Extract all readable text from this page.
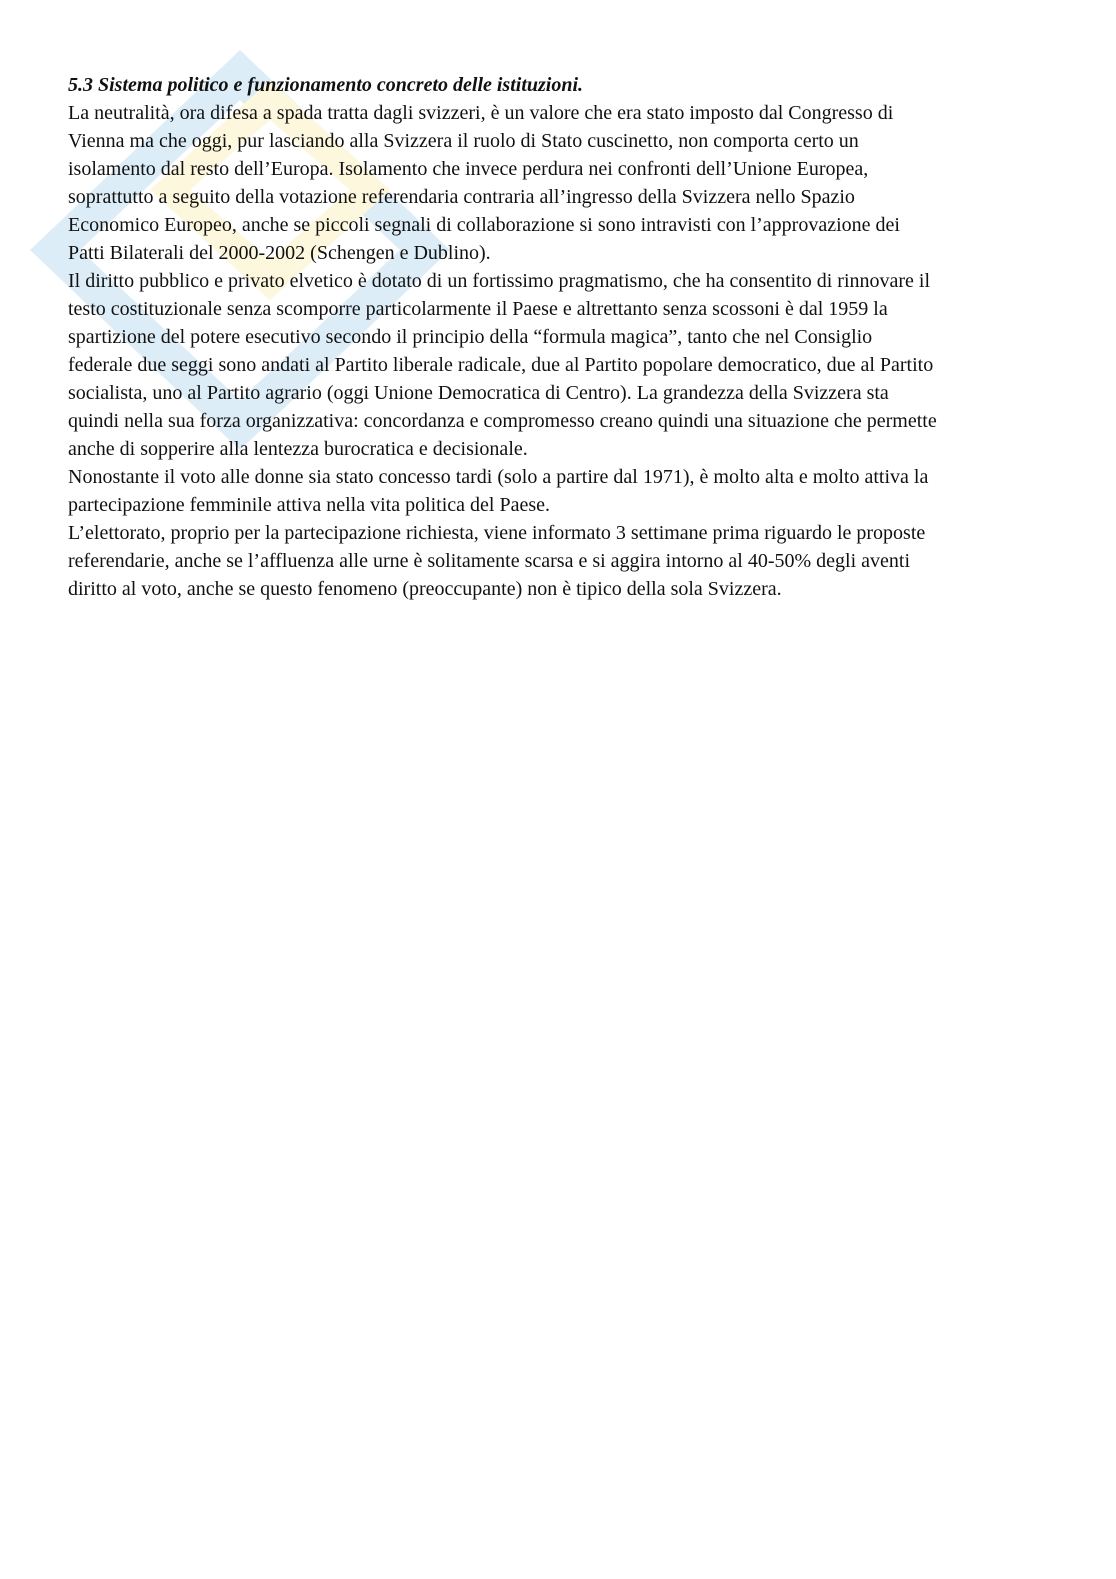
5.3 Sistema politico e funzionamento concreto delle istituzioni.

La neutralità, ora difesa a spada tratta dagli svizzeri, è un valore che era stato imposto dal Congresso di
Vienna ma che oggi, pur lasciando alla Svizzera il ruolo di Stato cuscinetto, non comporta certo un
isolamento dal resto dell’Europa. Isolamento che invece perdura nei confronti dell’Unione Europea,
soprattutto a seguito della votazione referendaria contraria all’ingresso della Svizzera nello Spazio
Economico Europeo, anche se piccoli segnali di collaborazione si sono intravisti con l’approvazione dei
Patti Bilaterali del 2000-2002 (Schengen e Dublino).

Il diritto pubblico e privato elvetico è dotato di un fortissimo pragmatismo, che ha consentito di rinnovare il
testo costituzionale senza scomporre particolarmente il Paese e altrettanto senza scossoni è dal 1959 la
spartizione del potere esecutivo secondo il principio della “formula magica”, tanto che nel Consiglio
federale due seggi sono andati al Partito liberale radicale, due al Partito popolare democratico, due al Partito
socialista, uno al Partito agrario (oggi Unione Democratica di Centro). La grandezza della Svizzera sta
quindi nella sua forza organizzativa: concordanza e compromesso creano quindi una situazione che permette
anche di sopperire alla lentezza burocratica e decisionale.

Nonostante il voto alle donne sia stato concesso tardi (solo a partire dal 1971), è molto alta e molto attiva la
partecipazione femminile attiva nella vita politica del Paese.

L’elettorato, proprio per la partecipazione richiesta, viene informato 3 settimane prima riguardo le proposte
referendarie, anche se l’affluenza alle urne è solitamente scarsa e si aggira intorno al 40-50% degli aventi
diritto al voto, anche se questo fenomeno (preoccupante) non è tipico della sola Svizzera.
